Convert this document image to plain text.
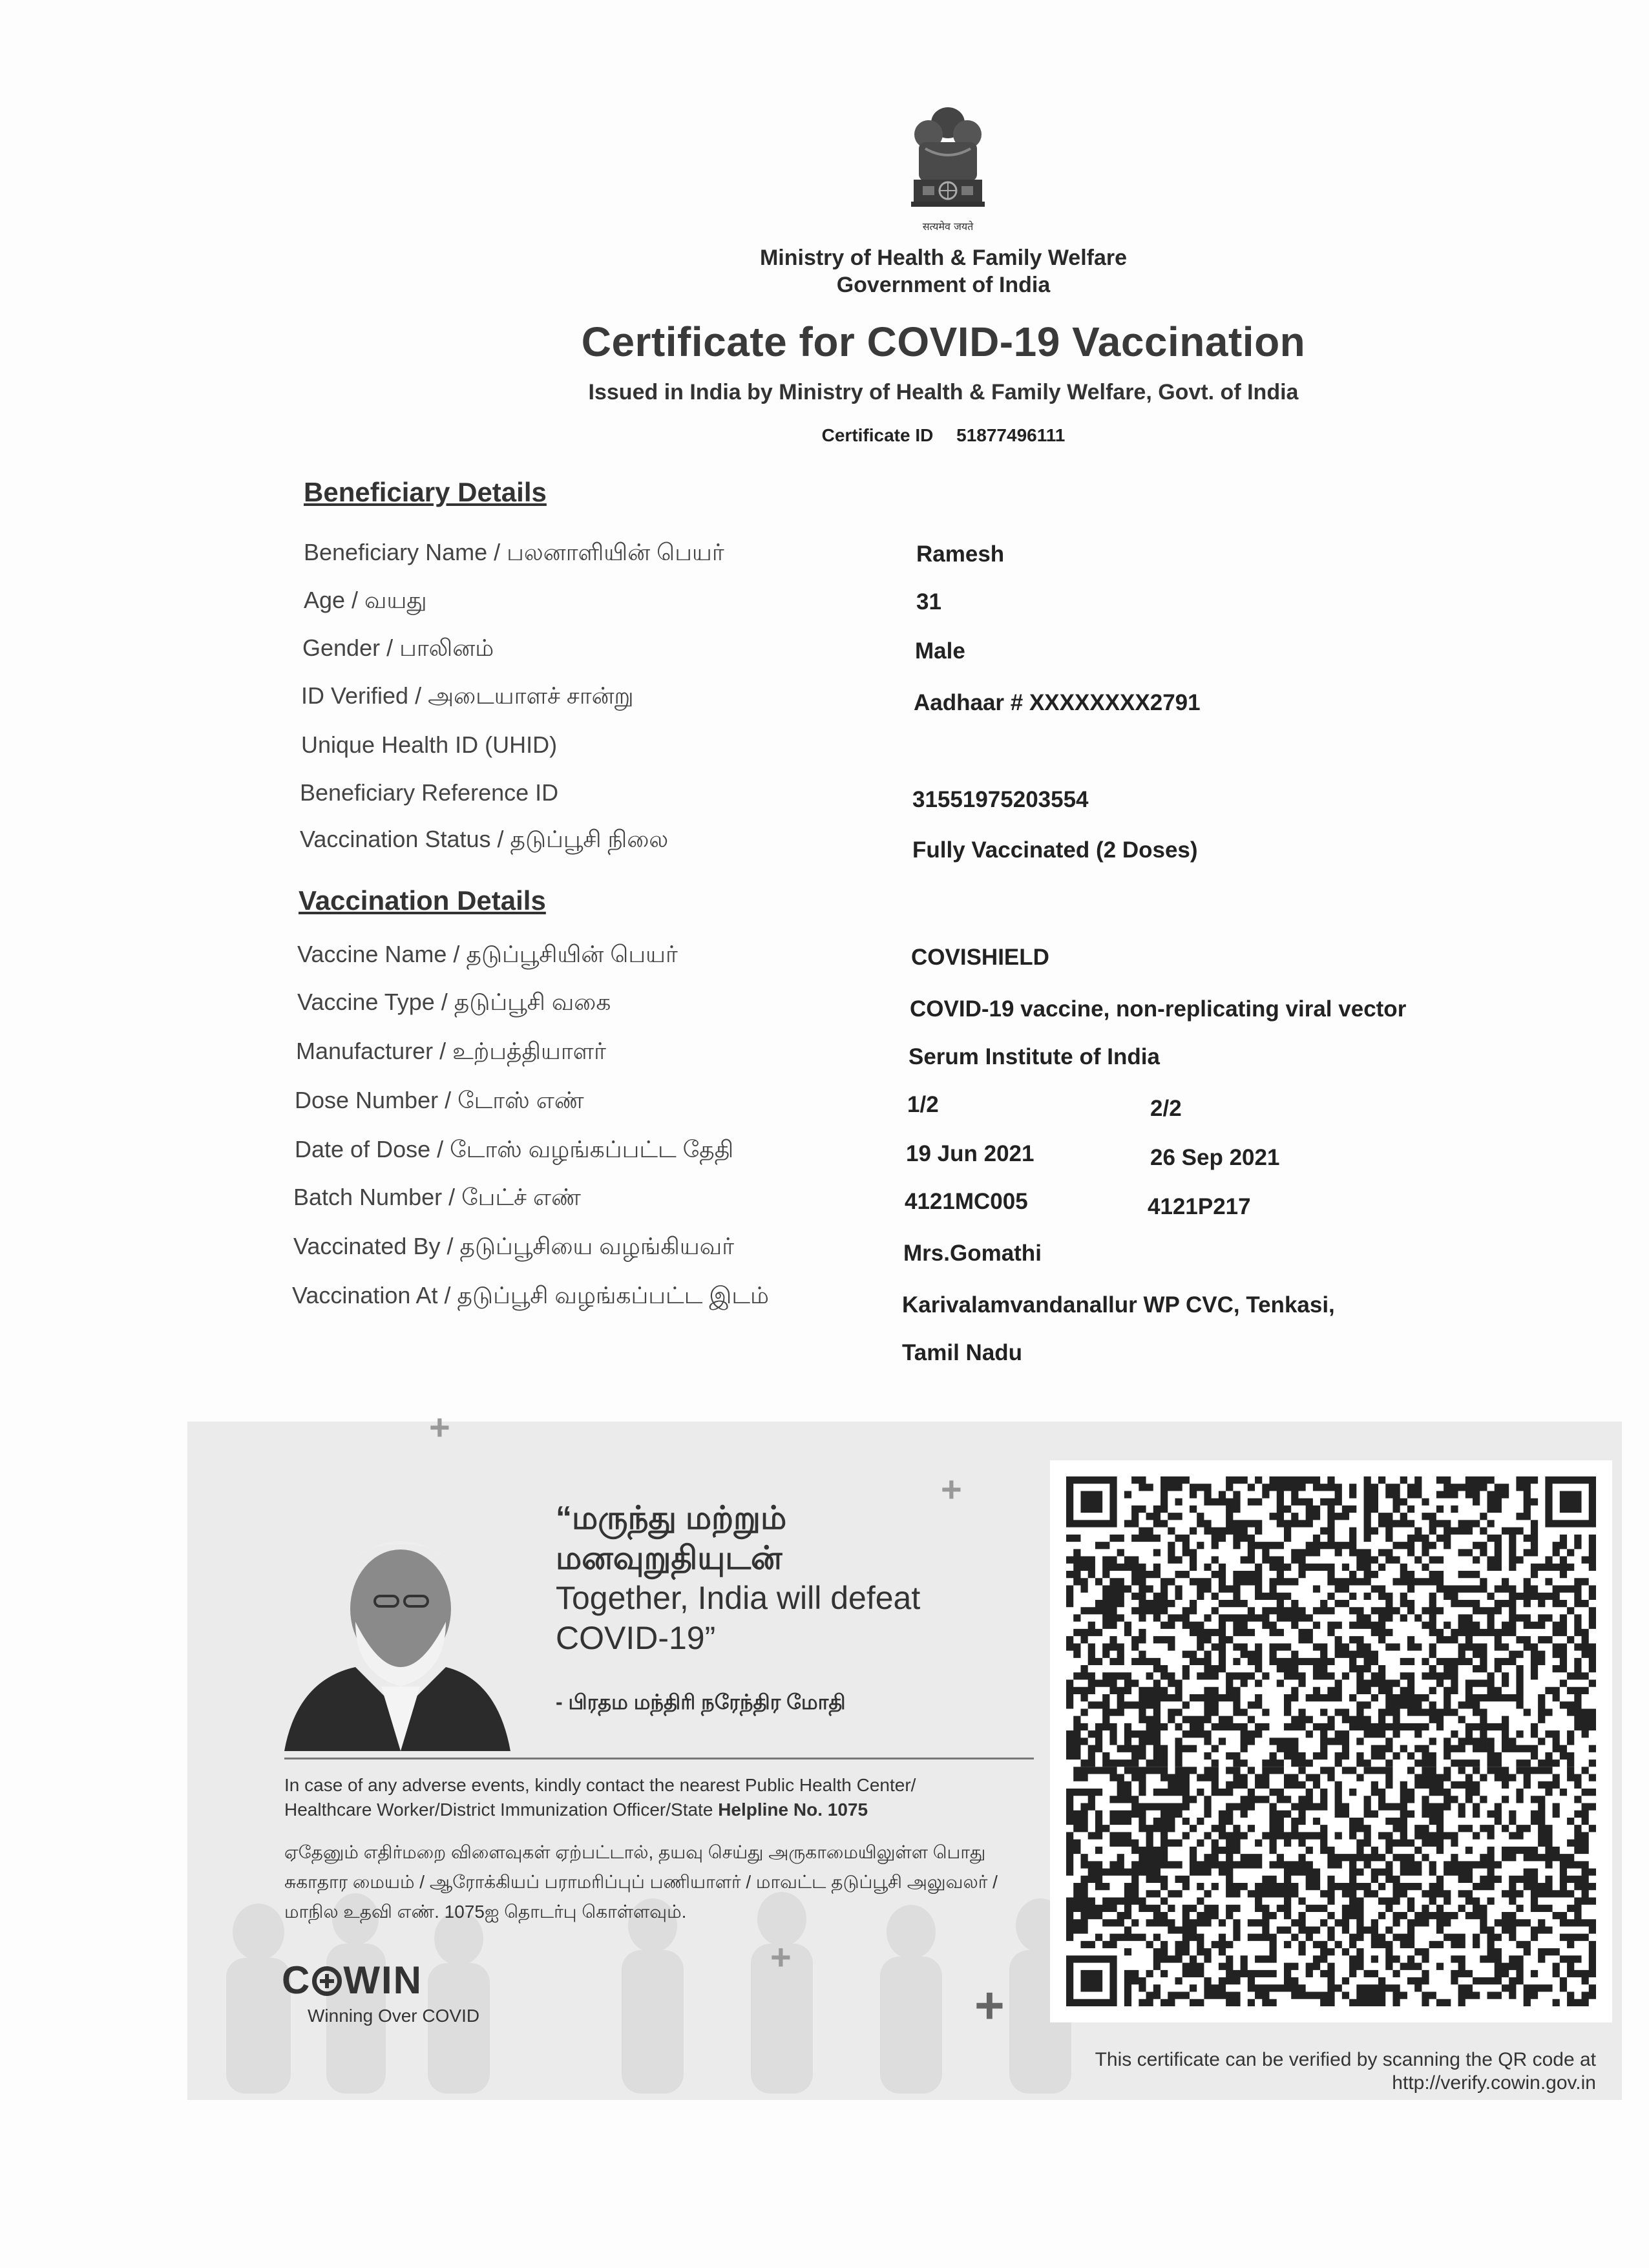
सत्यमेव जयते
Ministry of Health & Family Welfare
Government of India
Certificate for COVID-19 Vaccination
Issued in India by Ministry of Health & Family Welfare, Govt. of India
Certificate ID 51877496111
Beneficiary Details
Beneficiary Name / பலனாளியின் பெயர்	Ramesh
Age / வயது	31
Gender / பாலினம்	Male
ID Verified / அடையாளச் சான்று	Aadhaar # XXXXXXXX2791
Unique Health ID (UHID)
Beneficiary Reference ID	31551975203554
Vaccination Status / தடுப்பூசி நிலை	Fully Vaccinated (2 Doses)
Vaccination Details
Vaccine Name / தடுப்பூசியின் பெயர்	COVISHIELD
Vaccine Type / தடுப்பூசி வகை	COVID-19 vaccine, non-replicating viral vector
Manufacturer / உற்பத்தியாளர்	Serum Institute of India
Dose Number / டோஸ் எண்	1/2	2/2
Date of Dose / டோஸ் வழங்கப்பட்ட தேதி	19 Jun 2021	26 Sep 2021
Batch Number / பேட்ச் எண்	4121MC005	4121P217
Vaccinated By / தடுப்பூசியை வழங்கியவர்	Mrs.Gomathi
Vaccination At / தடுப்பூசி வழங்கப்பட்ட இடம்	Karivalamvandanallur WP CVC, Tenkasi,
Tamil Nadu
+
+
+
+
“மருந்து மற்றும்
மனவுறுதியுடன்
Together, India will defeat
COVID-19”
- பிரதம மந்திரி நரேந்திர மோதி
In case of any adverse events, kindly contact the nearest Public Health Center/
Healthcare Worker/District Immunization Officer/State Helpline No. 1075
ஏதேனும் எதிர்மறை விளைவுகள் ஏற்பட்டால், தயவு செய்து அருகாமையிலுள்ள பொது
சுகாதார மையம் / ஆரோக்கியப் பராமரிப்புப் பணியாளர் / மாவட்ட தடுப்பூசி அலுவலர் /
மாநில உதவி எண். 1075ஐ தொடர்பு கொள்ளவும்.
C WIN
Winning Over COVID
This certificate can be verified by scanning the QR code at
http://verify.cowin.gov.in
